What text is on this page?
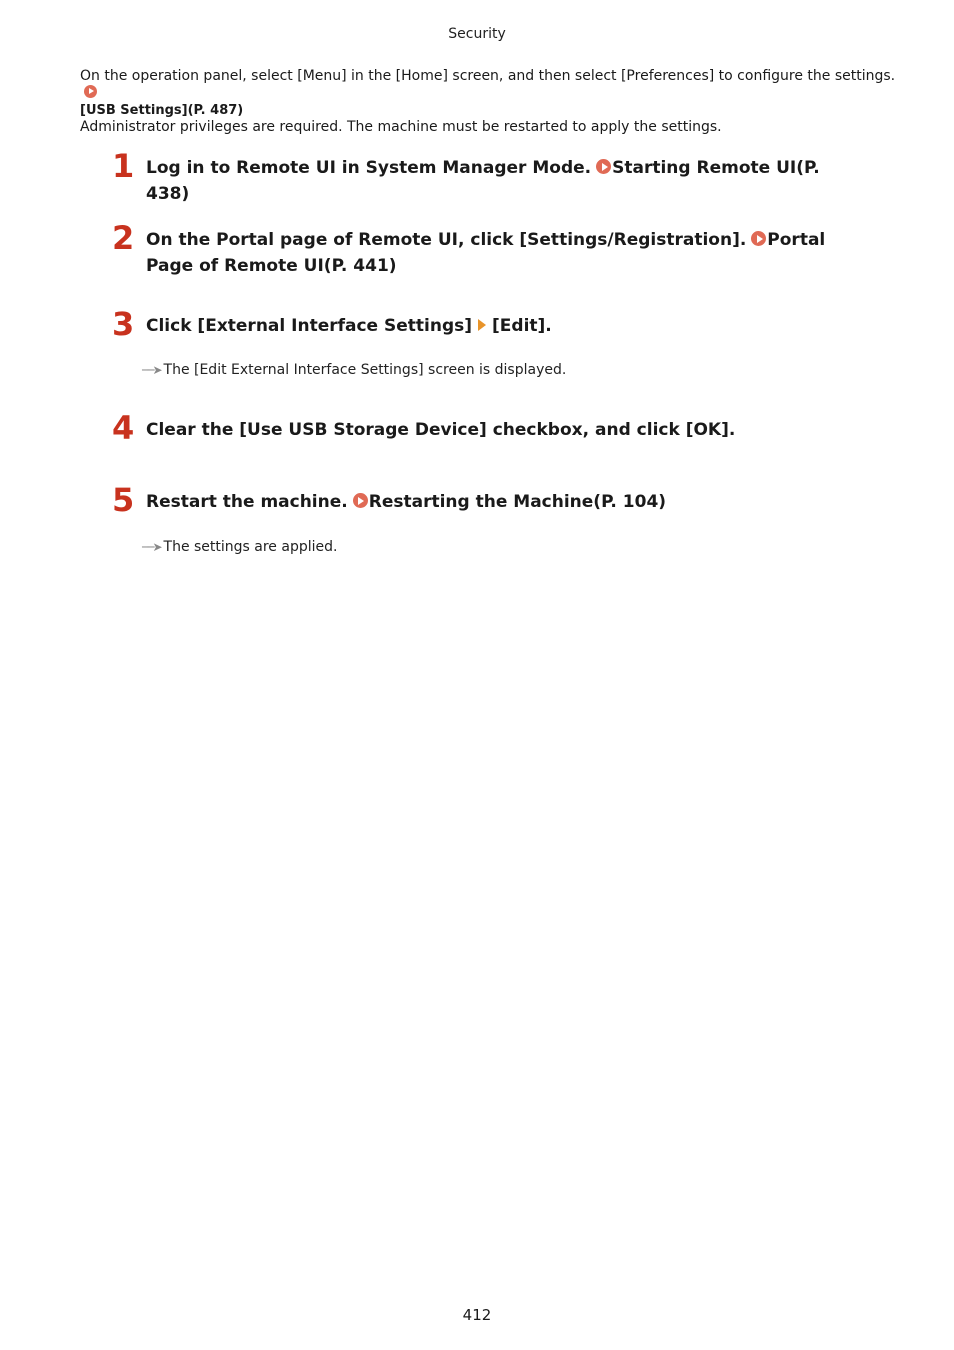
Security
On the operation panel, select [Menu] in the [Home] screen, and then select [Preferences] to configure the settings.
[USB Settings](P. 487)
Administrator privileges are required. The machine must be restarted to apply the settings.
1 Log in to Remote UI in System Manager Mode. Starting Remote UI(P. 438)
2 On the Portal page of Remote UI, click [Settings/Registration]. Portal Page of Remote UI(P. 441)
3 Click [External Interface Settings] [Edit].
──➤ The [Edit External Interface Settings] screen is displayed.
4 Clear the [Use USB Storage Device] checkbox, and click [OK].
5 Restart the machine. Restarting the Machine(P. 104)
──➤ The settings are applied.
412
